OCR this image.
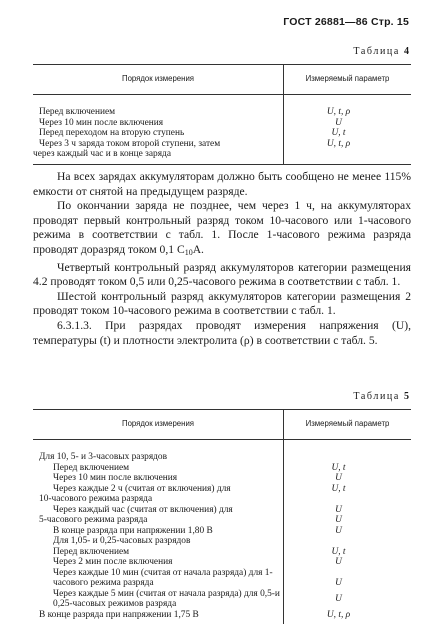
ГОСТ 26881—86 Стр. 15
Таблица 4
Порядок измерения	Измеряемый параметр
Перед включением	U, t, ρ
Через 10 мин после включения	U
Перед переходом на вторую ступень	U, t
Через 3 ч заряда током второй ступени, затем	U, t, ρ
через каждый час и в конце заряда	

На всех зарядах аккумуляторам должно быть сообщено не менее 115% емкости от снятой на предыдущем разряде.

По окончании заряда не позднее, чем через 1 ч, на аккумуляторах проводят первый контрольный разряд током 10-часового или 1-часового режима в соответствии с табл. 1. После 1-часового режима разряда проводят доразряд током 0,1 $C_{10}А$.

Четвертый контрольный разряд аккумуляторов категории размещения 4.2 проводят током 0,5 или 0,25-часового режима в соответствии с табл. 1.

Шестой контрольный разряд аккумуляторов категории размещения 2 проводят током 10-часового режима в соответствии с табл. 1.

6.3.1.3. При разрядах проводят измерения напряжения (U), температуры (t) и плотности электролита (ρ) в соответствии с табл. 5.

Таблица 5
Порядок измерения	Измеряемый параметр
Для 10, 5- и 3-часовых разрядов	
Перед включением	U, t
Через 10 мин после включения	U
Через каждые 2 ч (считая от включения) для	U, t
10-часового режима разряда	
Через каждый час (считая от включения) для	U
5-часового режима разряда	U
В конце разряда при напряжении 1,80 В	U
Для 1,05- и 0,25-часовых разрядов	
Перед включением	U, t
Через 2 мин после включения	U
Через каждые 10 мин (считая от начала разряда) для 1-часового режима разряда	U
Через каждые 5 мин (считая от начала разряда) для 0,5-и 0,25-часовых режимов разряда	U
В конце разряда при напряжении 1,75 В	U, t, ρ
